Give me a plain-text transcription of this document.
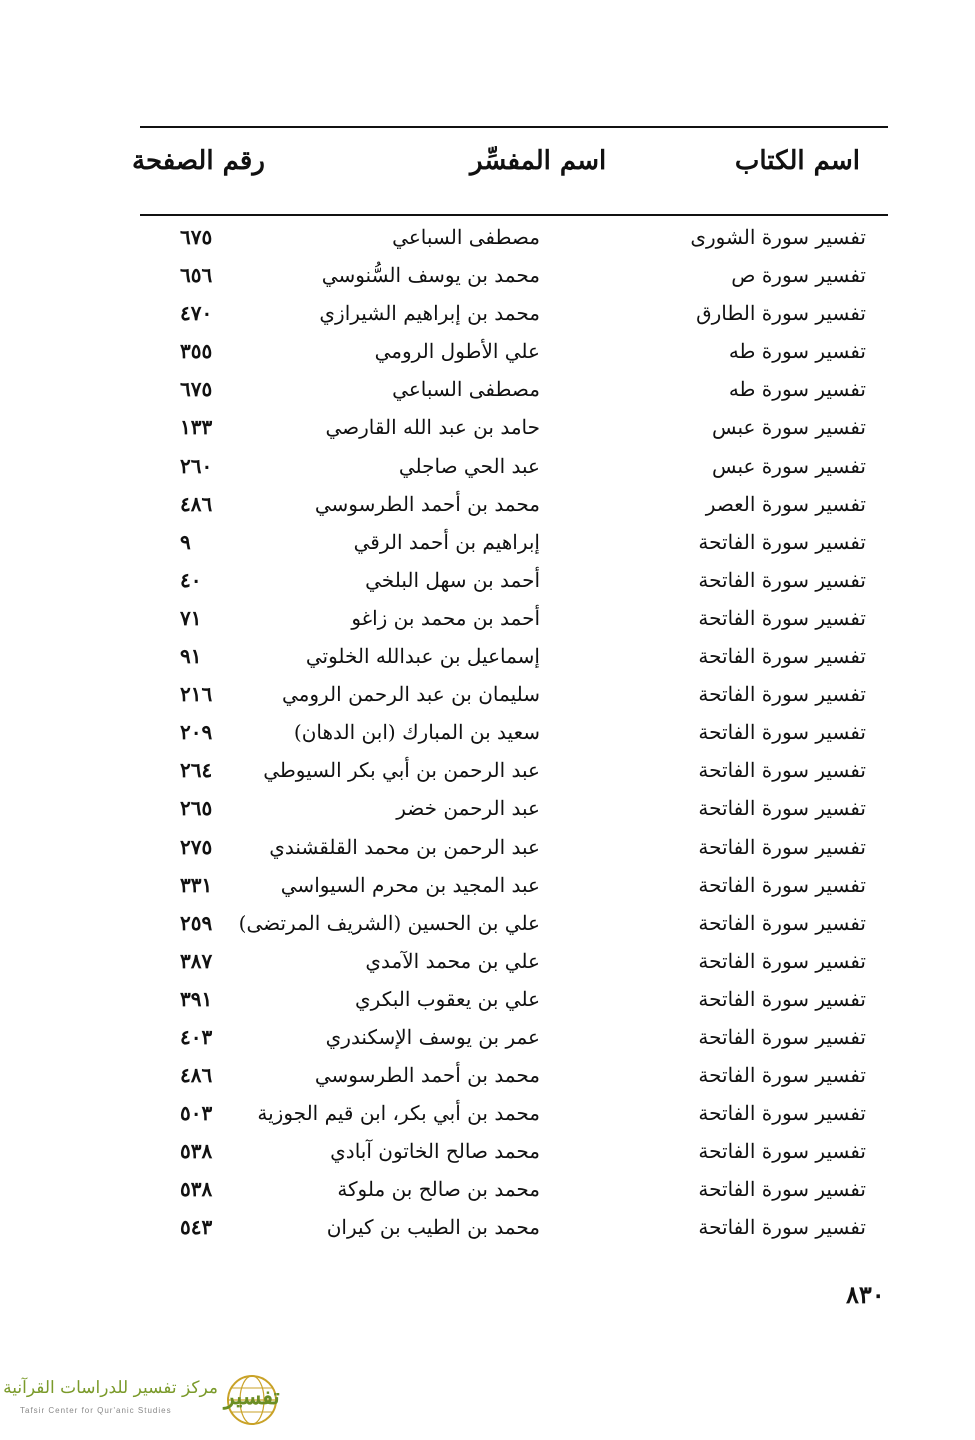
اسم الكتاب
اسم المفسِّر
رقم الصفحة
تفسير سورة الشورى
مصطفى السباعي
٦٧٥
تفسير سورة ص
محمد بن يوسف السُّنوسي
٦٥٦
تفسير سورة الطارق
محمد بن إبراهيم الشيرازي
٤٧٠
تفسير سورة طه
علي الأطول الرومي
٣٥٥
تفسير سورة طه
مصطفى السباعي
٦٧٥
تفسير سورة عبس
حامد بن عبد الله القارصي
١٣٣
تفسير سورة عبس
عبد الحي صاجلي
٢٦٠
تفسير سورة العصر
محمد بن أحمد الطرسوسي
٤٨٦
تفسير سورة الفاتحة
إبراهيم بن أحمد الرقي
٩
تفسير سورة الفاتحة
أحمد بن سهل البلخي
٤٠
تفسير سورة الفاتحة
أحمد بن محمد بن زاغو
٧١
تفسير سورة الفاتحة
إسماعيل بن عبدالله الخلوتي
٩١
تفسير سورة الفاتحة
سليمان بن عبد الرحمن الرومي
٢١٦
تفسير سورة الفاتحة
سعيد بن المبارك (ابن الدهان)
٢٠٩
تفسير سورة الفاتحة
عبد الرحمن بن أبي بكر السيوطي
٢٦٤
تفسير سورة الفاتحة
عبد الرحمن خضر
٢٦٥
تفسير سورة الفاتحة
عبد الرحمن بن محمد القلقشندي
٢٧٥
تفسير سورة الفاتحة
عبد المجيد بن محرم السيواسي
٣٣١
تفسير سورة الفاتحة
علي بن الحسين (الشريف المرتضى)
٢٥٩
تفسير سورة الفاتحة
علي بن محمد الآمدي
٣٨٧
تفسير سورة الفاتحة
علي بن يعقوب البكري
٣٩١
تفسير سورة الفاتحة
عمر بن يوسف الإسكندري
٤٠٣
تفسير سورة الفاتحة
محمد بن أحمد الطرسوسي
٤٨٦
تفسير سورة الفاتحة
محمد بن أبي بكر، ابن قيم الجوزية
٥٠٣
تفسير سورة الفاتحة
محمد صالح الخاتون آبادي
٥٣٨
تفسير سورة الفاتحة
محمد بن صالح بن ملوكة
٥٣٨
تفسير سورة الفاتحة
محمد بن الطيب بن كيران
٥٤٣
٨٣٠
مركز تفسير للدراسات القرآنية
Tafsir Center for Qur'anic Studies
تفسير
